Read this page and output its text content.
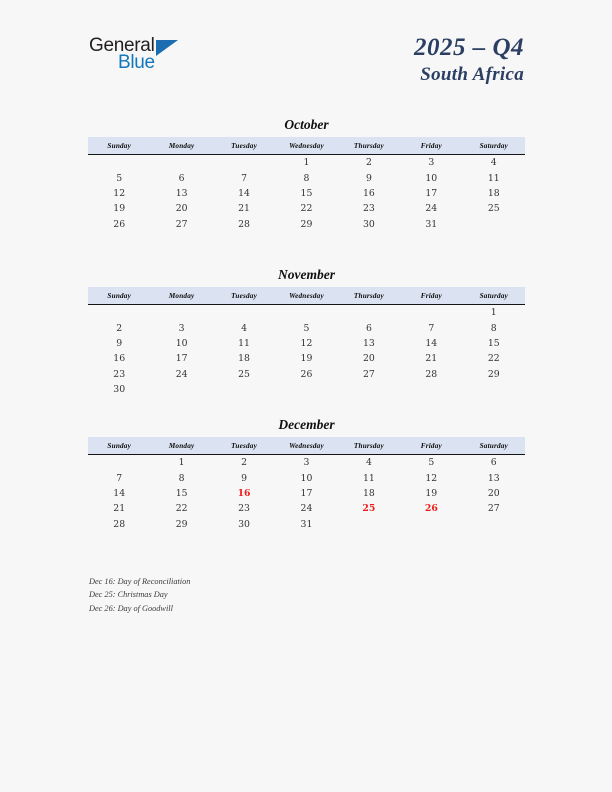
General
Blue
2025 – Q4
South Africa
October
Sunday	Monday	Tuesday	Wednesday	Thursday	Friday	Saturday
			1	2	3	4
5	6	7	8	9	10	11
12	13	14	15	16	17	18
19	20	21	22	23	24	25
26	27	28	29	30	31	
November
Sunday	Monday	Tuesday	Wednesday	Thursday	Friday	Saturday
						1
2	3	4	5	6	7	8
9	10	11	12	13	14	15
16	17	18	19	20	21	22
23	24	25	26	27	28	29
30						
December
Sunday	Monday	Tuesday	Wednesday	Thursday	Friday	Saturday
	1	2	3	4	5	6
7	8	9	10	11	12	13
14	15	16	17	18	19	20
21	22	23	24	25	26	27
28	29	30	31			
Dec 16: Day of Reconciliation
Dec 25: Christmas Day
Dec 26: Day of Goodwill
